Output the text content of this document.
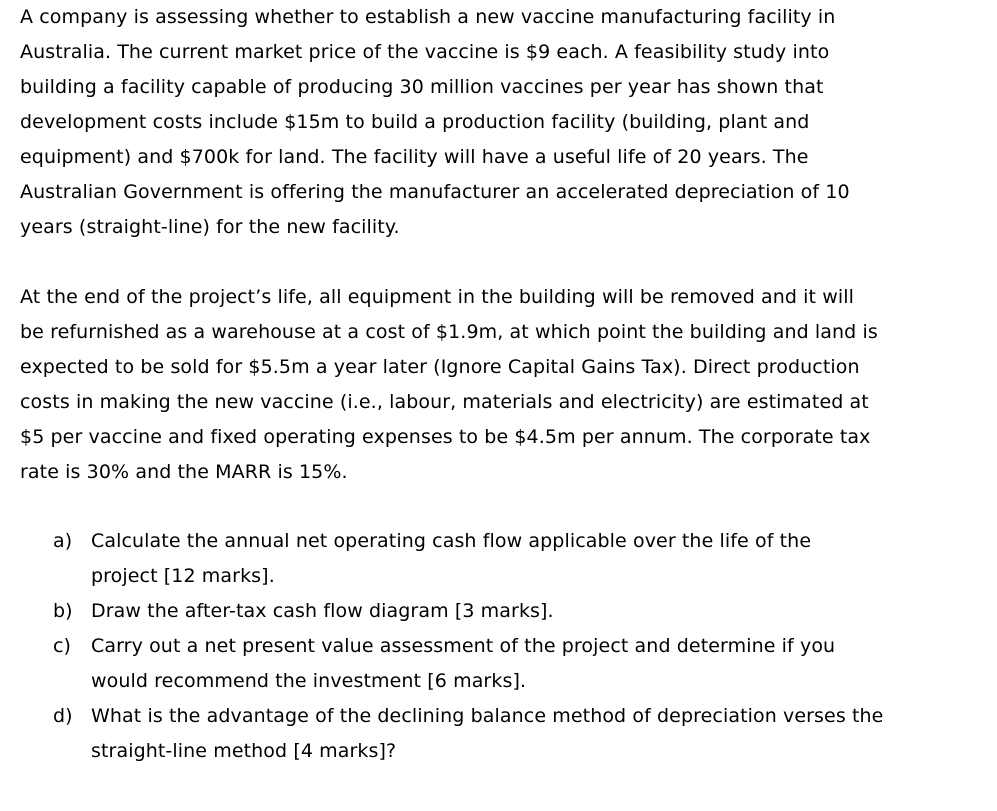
A company is assessing whether to establish a new vaccine manufacturing facility in
Australia. The current market price of the vaccine is $9 each. A feasibility study into
building a facility capable of producing 30 million vaccines per year has shown that
development costs include $15m to build a production facility (building, plant and
equipment) and $700k for land. The facility will have a useful life of 20 years. The
Australian Government is offering the manufacturer an accelerated depreciation of 10
years (straight-line) for the new facility.

At the end of the project’s life, all equipment in the building will be removed and it will
be refurnished as a warehouse at a cost of $1.9m, at which point the building and land is
expected to be sold for $5.5m a year later (Ignore Capital Gains Tax). Direct production
costs in making the new vaccine (i.e., labour, materials and electricity) are estimated at
$5 per vaccine and fixed operating expenses to be $4.5m per annum. The corporate tax
rate is 30% and the MARR is 15%.

a) Calculate the annual net operating cash flow applicable over the life of the
project [12 marks].
b) Draw the after-tax cash flow diagram [3 marks].
c) Carry out a net present value assessment of the project and determine if you
would recommend the investment [6 marks].
d) What is the advantage of the declining balance method of depreciation verses the
straight-line method [4 marks]?
